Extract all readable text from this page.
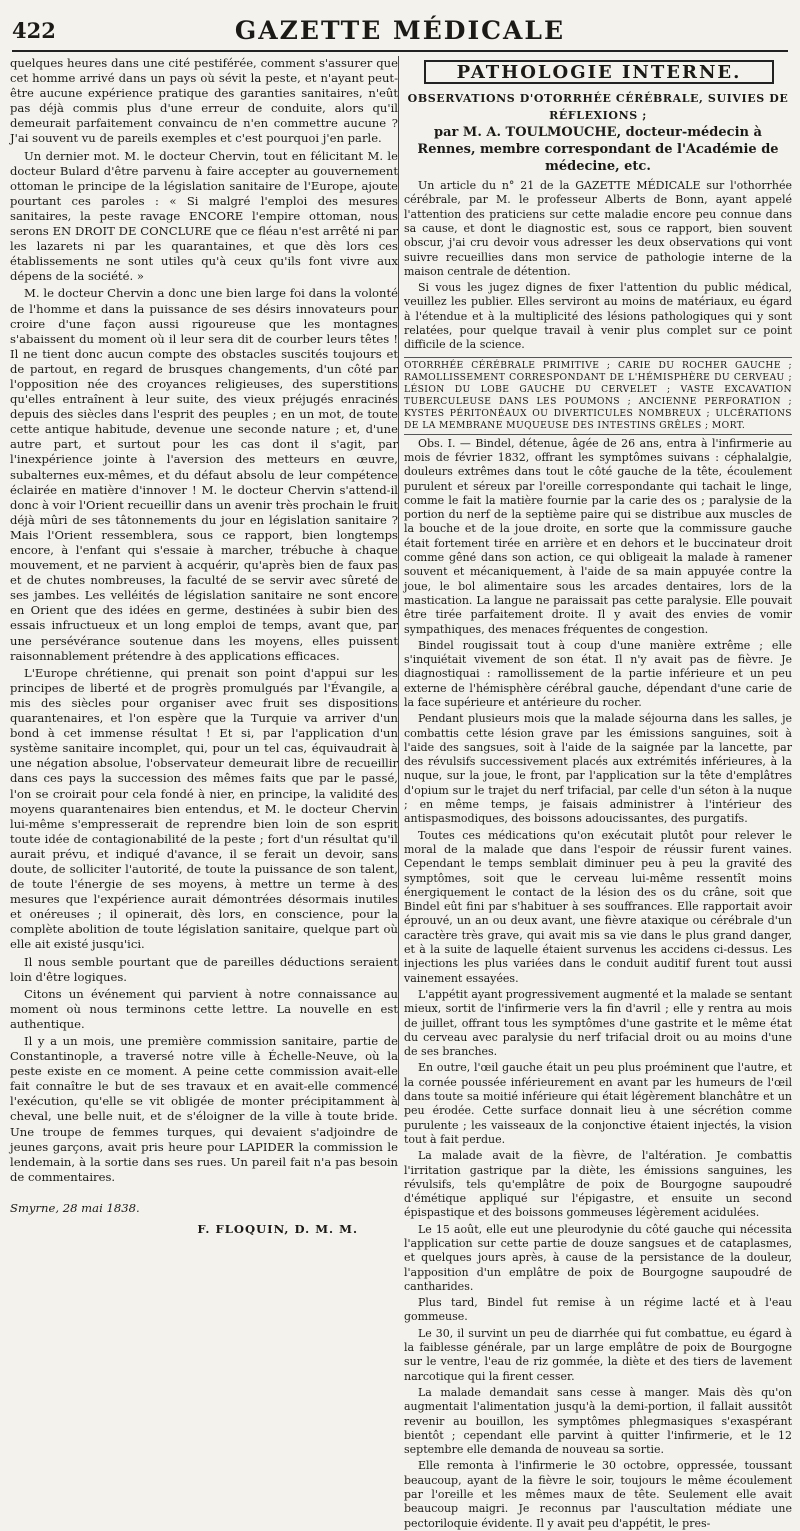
422	GAZETTE MÉDICALE

quelques heures dans une cité pestiférée, comment s'assurer que cet homme arrivé dans un pays où sévit la peste, et n'ayant peut-être aucune expérience pratique des garanties sanitaires, n'eût pas déjà commis plus d'une erreur de conduite, alors qu'il demeurait parfaitement convaincu de n'en commettre aucune ? J'ai souvent vu de pareils exemples et c'est pourquoi j'en parle.

Un dernier mot. M. le docteur Chervin, tout en félicitant M. le docteur Bulard d'être parvenu à faire accepter au gouvernement ottoman le principe de la législation sanitaire de l'Europe, ajoute pourtant ces paroles : « Si malgré l'emploi des mesures sanitaires, la peste ravage ENCORE l'empire ottoman, nous serons EN DROIT DE CONCLURE que ce fléau n'est arrêté ni par les lazarets ni par les quarantaines, et que dès lors ces établissements ne sont utiles qu'à ceux qu'ils font vivre aux dépens de la société. »

M. le docteur Chervin a donc une bien large foi dans la volonté de l'homme et dans la puissance de ses désirs innovateurs pour croire d'une façon aussi rigoureuse que les montagnes s'abaissent du moment où il leur sera dit de courber leurs têtes ! Il ne tient donc aucun compte des obstacles suscités toujours et de partout, en regard de brusques changements, d'un côté par l'opposition née des croyances religieuses, des superstitions qu'elles entraînent à leur suite, des vieux préjugés enracinés depuis des siècles dans l'esprit des peuples ; en un mot, de toute cette antique habitude, devenue une seconde nature ; et, d'une autre part, et surtout pour les cas dont il s'agit, par l'inexpérience jointe à l'aversion des metteurs en œuvre, subalternes eux-mêmes, et du défaut absolu de leur compétence éclairée en matière d'innover ! M. le docteur Chervin s'attend-il donc à voir l'Orient recueillir dans un avenir très prochain le fruit déjà mûri de ses tâtonnements du jour en législation sanitaire ? Mais l'Orient ressemblera, sous ce rapport, bien longtemps encore, à l'enfant qui s'essaie à marcher, trébuche à chaque mouvement, et ne parvient à acquérir, qu'après bien de faux pas et de chutes nombreuses, la faculté de se servir avec sûreté de ses jambes. Les velléités de législation sanitaire ne sont encore en Orient que des idées en germe, destinées à subir bien des essais infructueux et un long emploi de temps, avant que, par une persévérance soutenue dans les moyens, elles puissent raisonnablement prétendre à des applications efficaces.

L'Europe chrétienne, qui prenait son point d'appui sur les principes de liberté et de progrès promulgués par l'Évangile, a mis des siècles pour organiser avec fruit ses dispositions quarantenaires, et l'on espère que la Turquie va arriver d'un bond à cet immense résultat ! Et si, par l'application d'un système sanitaire incomplet, qui, pour un tel cas, équivaudrait à une négation absolue, l'observateur demeurait libre de recueillir dans ces pays la succession des mêmes faits que par le passé, l'on se croirait pour cela fondé à nier, en principe, la validité des moyens quarantenaires bien entendus, et M. le docteur Chervin lui-même s'empresserait de reprendre bien loin de son esprit toute idée de contagionabilité de la peste ; fort d'un résultat qu'il aurait prévu, et indiqué d'avance, il se ferait un devoir, sans doute, de solliciter l'autorité, de toute la puissance de son talent, de toute l'énergie de ses moyens, à mettre un terme à des mesures que l'expérience aurait démontrées désormais inutiles et onéreuses ; il opinerait, dès lors, en conscience, pour la complète abolition de toute législation sanitaire, quelque part où elle ait existé jusqu'ici.

Il nous semble pourtant que de pareilles déductions seraient loin d'être logiques.

Citons un événement qui parvient à notre connaissance au moment où nous terminons cette lettre. La nouvelle en est authentique.

Il y a un mois, une première commission sanitaire, partie de Constantinople, a traversé notre ville à Échelle-Neuve, où la peste existe en ce moment. A peine cette commission avait-elle fait connaître le but de ses travaux et en avait-elle commencé l'exécution, qu'elle se vit obligée de monter précipitamment à cheval, une belle nuit, et de s'éloigner de la ville à toute bride. Une troupe de femmes turques, qui devaient s'adjoindre de jeunes garçons, avait pris heure pour LAPIDER la commission le lendemain, à la sortie dans ses rues. Un pareil fait n'a pas besoin de commentaires.

Smyrne, 28 mai 1838.
F. FLOQUIN, D. M. M.
PATHOLOGIE INTERNE.
OBSERVATIONS D'OTORRHÉE CÉRÉBRALE, SUIVIES DE RÉFLEXIONS ;
par M. A. TOULMOUCHE, docteur-médecin à Rennes, membre correspondant de l'Académie de médecine, etc.

Un article du n° 21 de la GAZETTE MÉDICALE sur l'othorrhée cérébrale, par M. le professeur Alberts de Bonn, ayant appelé l'attention des praticiens sur cette maladie encore peu connue dans sa cause, et dont le diagnostic est, sous ce rapport, bien souvent obscur, j'ai cru devoir vous adresser les deux observations qui vont suivre recueillies dans mon service de pathologie interne de la maison centrale de détention.

Si vous les jugez dignes de fixer l'attention du public médical, veuillez les publier. Elles serviront au moins de matériaux, eu égard à l'étendue et à la multiplicité des lésions pathologiques qui y sont relatées, pour quelque travail à venir plus complet sur ce point difficile de la science.

OTORRHÉE CÉRÉBRALE PRIMITIVE ; CARIE DU ROCHER GAUCHE ; RAMOLLISSEMENT CORRESPONDANT DE L'HÉMISPHÈRE DU CERVEAU ; LÉSION DU LOBE GAUCHE DU CERVELET ; VASTE EXCAVATION TUBERCULEUSE DANS LES POUMONS ; ANCIENNE PERFORATION ; KYSTES PÉRITONÉAUX OU DIVERTICULES NOMBREUX ; ULCÉRATIONS DE LA MEMBRANE MUQUEUSE DES INTESTINS GRÊLES ; MORT.

Obs. I. — Bindel, détenue, âgée de 26 ans, entra à l'infirmerie au mois de février 1832, offrant les symptômes suivans : céphalalgie, douleurs extrêmes dans tout le côté gauche de la tête, écoulement purulent et séreux par l'oreille correspondante qui tachait le linge, comme le fait la matière fournie par la carie des os ; paralysie de la portion du nerf de la septième paire qui se distribue aux muscles de la bouche et de la joue droite, en sorte que la commissure gauche était fortement tirée en arrière et en dehors et le buccinateur droit comme gêné dans son action, ce qui obligeait la malade à ramener souvent et mécaniquement, à l'aide de sa main appuyée contre la joue, le bol alimentaire sous les arcades dentaires, lors de la mastication. La langue ne paraissait pas cette paralysie. Elle pouvait être tirée parfaitement droite. Il y avait des envies de vomir sympathiques, des menaces fréquentes de congestion.

Bindel rougissait tout à coup d'une manière extrême ; elle s'inquiétait vivement de son état. Il n'y avait pas de fièvre. Je diagnostiquai : ramollissement de la partie inférieure et un peu externe de l'hémisphère cérébral gauche, dépendant d'une carie de la face supérieure et antérieure du rocher.

Pendant plusieurs mois que la malade séjourna dans les salles, je combattis cette lésion grave par les émissions sanguines, soit à l'aide des sangsues, soit à l'aide de la saignée par la lancette, par des révulsifs successivement placés aux extrémités inférieures, à la nuque, sur la joue, le front, par l'application sur la tête d'emplâtres d'opium sur le trajet du nerf trifacial, par celle d'un séton à la nuque ; en même temps, je faisais administrer à l'intérieur des antispasmodiques, des boissons adoucissantes, des purgatifs.

Toutes ces médications qu'on exécutait plutôt pour relever le moral de la malade que dans l'espoir de réussir furent vaines. Cependant le temps semblait diminuer peu à peu la gravité des symptômes, soit que le cerveau lui-même ressentît moins énergiquement le contact de la lésion des os du crâne, soit que Bindel eût fini par s'habituer à ses souffrances. Elle rapportait avoir éprouvé, un an ou deux avant, une fièvre ataxique ou cérébrale d'un caractère très grave, qui avait mis sa vie dans le plus grand danger, et à la suite de laquelle étaient survenus les accidens ci-dessus. Les injections les plus variées dans le conduit auditif furent tout aussi vainement essayées.

L'appétit ayant progressivement augmenté et la malade se sentant mieux, sortit de l'infirmerie vers la fin d'avril ; elle y rentra au mois de juillet, offrant tous les symptômes d'une gastrite et le même état du cerveau avec paralysie du nerf trifacial droit ou au moins d'une de ses branches.

En outre, l'œil gauche était un peu plus proéminent que l'autre, et la cornée poussée inférieurement en avant par les humeurs de l'œil dans toute sa moitié inférieure qui était légèrement blanchâtre et un peu érodée. Cette surface donnait lieu à une sécrétion comme purulente ; les vaisseaux de la conjonctive étaient injectés, la vision tout à fait perdue.

La malade avait de la fièvre, de l'altération. Je combattis l'irritation gastrique par la diète, les émissions sanguines, les révulsifs, tels qu'emplâtre de poix de Bourgogne saupoudré d'émétique appliqué sur l'épigastre, et ensuite un second épispastique et des boissons gommeuses légèrement acidulées.

Le 15 août, elle eut une pleurodynie du côté gauche qui nécessita l'application sur cette partie de douze sangsues et de cataplasmes, et quelques jours après, à cause de la persistance de la douleur, l'apposition d'un emplâtre de poix de Bourgogne saupoudré de cantharides.

Plus tard, Bindel fut remise à un régime lacté et à l'eau gommeuse.

Le 30, il survint un peu de diarrhée qui fut combattue, eu égard à la faiblesse générale, par un large emplâtre de poix de Bourgogne sur le ventre, l'eau de riz gommée, la diète et des tiers de lavement narcotique qui la firent cesser.

La malade demandait sans cesse à manger. Mais dès qu'on augmentait l'alimentation jusqu'à la demi-portion, il fallait aussitôt revenir au bouillon, les symptômes phlegmasiques s'exaspérant bientôt ; cependant elle parvint à quitter l'infirmerie, et le 12 septembre elle demanda de nouveau sa sortie.

Elle remonta à l'infirmerie le 30 octobre, oppressée, toussant beaucoup, ayant de la fièvre le soir, toujours le même écoulement par l'oreille et les mêmes maux de tête. Seulement elle avait beaucoup maigri. Je reconnus par l'auscultation médiate une pectoriloquie évidente. Il y avait peu d'appétit, le pres-
